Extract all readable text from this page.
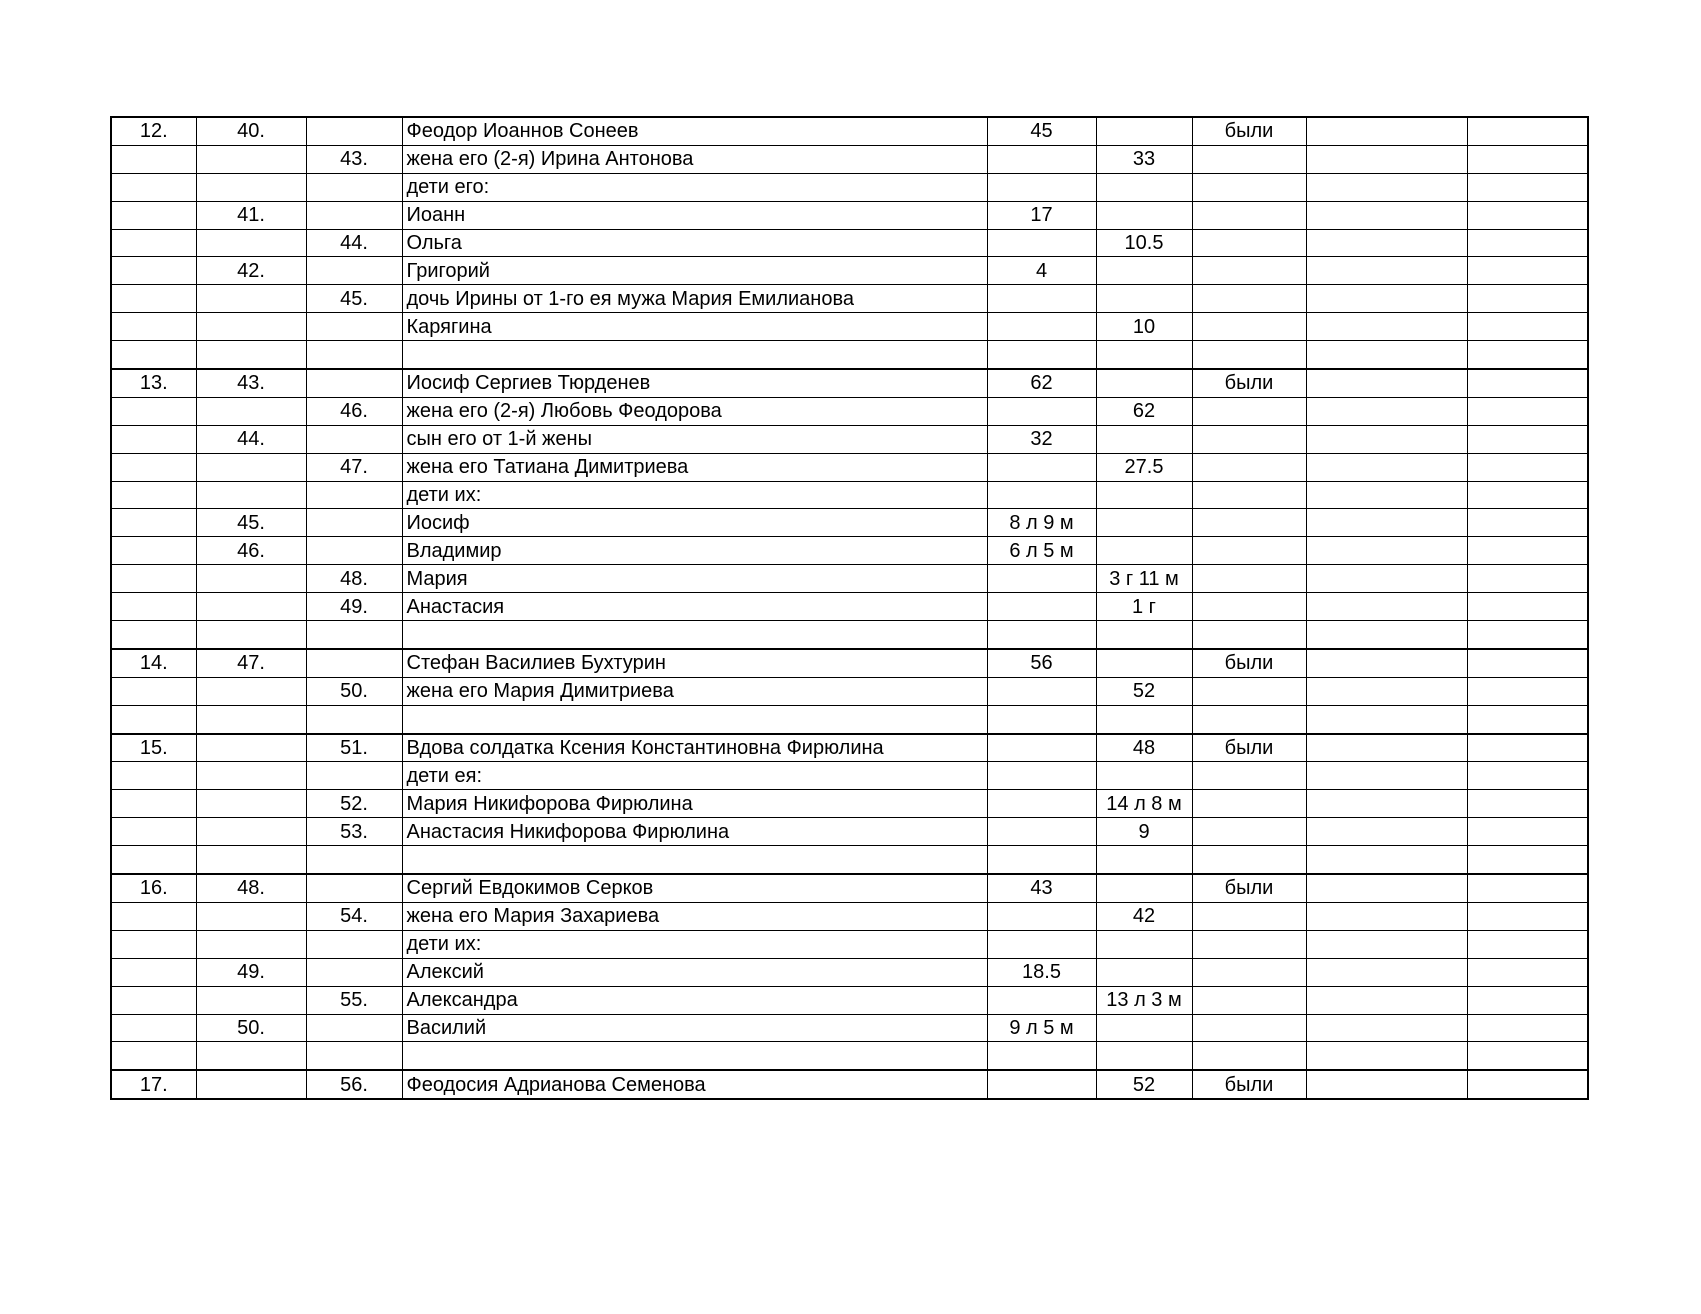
12.	40.		Феодор Иоаннов Сонеев	45		были		
		43.	жена его (2-я) Ирина Антонова		33			
			дети его:					
	41.		Иоанн	17				
		44.	Ольга		10.5			
	42.		Григорий	4				
		45.	дочь Ирины от 1-го ея мужа Мария Емилианова					
			Карягина		10			

13.	43.		Иосиф Сергиев Тюрденев	62		были		
		46.	жена его (2-я) Любовь Феодорова		62			
	44.		сын его от 1-й жены	32				
		47.	жена его Татиана Димитриева		27.5			
			дети их:					
	45.		Иосиф	8 л 9 м				
	46.		Владимир	6 л 5 м				
		48.	Мария		3 г 11 м			
		49.	Анастасия		1 г			

14.	47.		Стефан Василиев Бухтурин	56		были		
		50.	жена его Мария Димитриева		52			

15.		51.	Вдова солдатка Ксения Константиновна Фирюлина		48	были		
			дети ея:					
		52.	Мария Никифорова Фирюлина		14 л 8 м			
		53.	Анастасия Никифорова Фирюлина		9			

16.	48.		Сергий Евдокимов Серков	43		были		
		54.	жена его Мария Захариева		42			
			дети их:					
	49.		Алексий	18.5				
		55.	Александра		13 л 3 м			
	50.		Василий	9 л 5 м				

17.		56.	Феодосия Адрианова Семенова		52	были		
